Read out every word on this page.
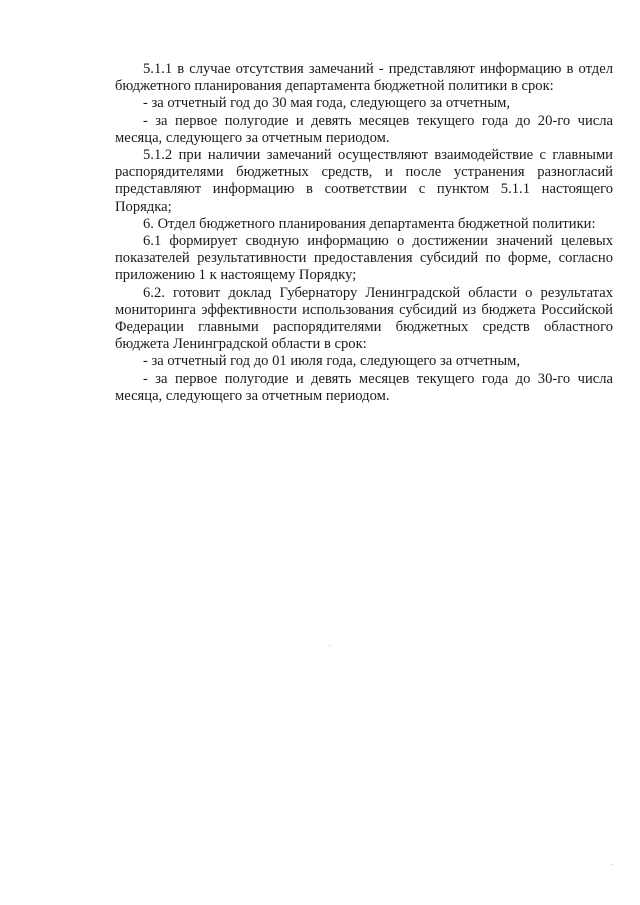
5.1.1 в случае отсутствия замечаний - представляют информацию в отдел бюджетного планирования департамента бюджетной политики в срок:

- за отчетный год до 30 мая года, следующего за отчетным,

- за первое полугодие и девять месяцев текущего года до 20-го числа месяца, следующего за отчетным периодом.

5.1.2 при наличии замечаний осуществляют взаимодействие с главными распорядителями бюджетных средств, и после устранения разногласий представляют информацию в соответствии с пунктом 5.1.1 настоящего Порядка;

6. Отдел бюджетного планирования департамента бюджетной политики:

6.1 формирует сводную информацию о достижении значений целевых показателей результативности предоставления субсидий по форме, согласно приложению 1 к настоящему Порядку;

6.2. готовит доклад Губернатору Ленинградской области о результатах мониторинга эффективности использования субсидий из бюджета Российской Федерации главными распорядителями бюджетных средств областного бюджета Ленинградской области в срок:

- за отчетный год до 01 июля года, следующего за отчетным,

- за первое полугодие и девять месяцев текущего года до 30-го числа месяца, следующего за отчетным периодом.
